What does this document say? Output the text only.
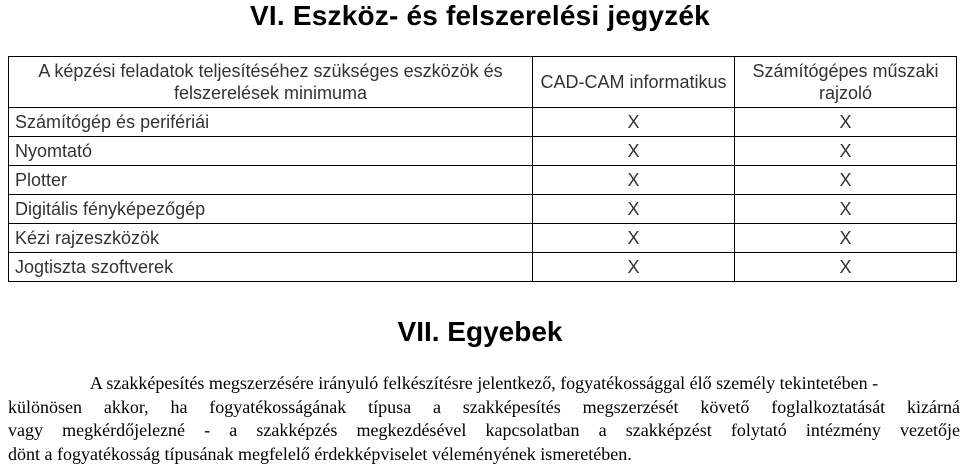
VI. Eszköz- és felszerelési jegyzék
A képzési feladatok teljesítéséhez szükséges eszközök és felszerelések minimuma	CAD-CAM informatikus	Számítógépes műszaki rajzoló
Számítógép és perifériái	X	X
Nyomtató	X	X
Plotter	X	X
Digitális fényképezőgép	X	X
Kézi rajzeszközök	X	X
Jogtiszta szoftverek	X	X
VII. Egyebek

A szakképesítés megszerzésére irányuló felkészítésre jelentkező, fogyatékossággal élő személy tekintetében -
különösen akkor, ha fogyatékosságának típusa a szakképesítés megszerzését követő foglalkoztatását kizárná
vagy megkérdőjelezné - a szakképzés megkezdésével kapcsolatban a szakképzést folytató intézmény vezetője
dönt a fogyatékosság típusának megfelelő érdekképviselet véleményének ismeretében.
